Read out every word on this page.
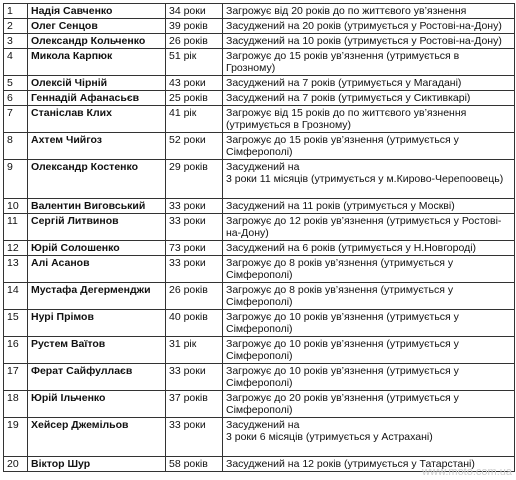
1	Надія Савченко	34 роки	Загрожує від 20 років до по життєвого ув’язнення
2	Олег Сенцов	39 років	Засуджений на 20 років (утримується у Ростові-на-Дону)
3	Олександр Кольченко	26 років	Засуджений на 10 років (утримується у Ростові-на-Дону)
4	Микола Карпюк	51 рік	Загрожує до 15 років ув’язнення (утримується в Грозному)
5	Олексій Чірній	43 роки	Засуджений на 7 років (утримується у Магадані)
6	Геннадій Афанасьєв	25 років	Засуджений на 7 років (утримується у Сиктивкарі)
7	Станіслав Клих	41 рік	Загрожує від 15 років до по життєвого ув’язнення (утримується в Грозному)
8	Ахтем Чийгоз	52 роки	Загрожує до 15 років ув’язнення (утримується у Сімферополі)
9	Олександр Костенко	29 років	Засуджений на
3 роки 11 місяців (утримується у м.Кирово-Черепоовець)

10	Валентин Виговський	33 роки	Засуджений на 11 років (утримується у Москві)
11	Сергій Литвинов	33 роки	Загрожує до 12 років ув’язнення (утримується у Ростові-на-Дону)
12	Юрій Солошенко	73 роки	Засуджений на 6 років (утримується у Н.Новгороді)
13	Алі Асанов	33 роки	Загрожує до 8 років ув’язнення (утримується у Сімферополі)
14	Мустафа Дегерменджи	26 років	Загрожує до 8 років ув’язнення (утримується у Сімферополі)
15	Нурі Прімов	40 років	Загрожує до 10 років ув’язнення (утримується у Сімферополі)
16	Рустем Ваїтов	31 рік	Загрожує до 10 років ув’язнення (утримується у Сімферополі)
17	Ферат Сайфуллаєв	33 роки	Загрожує до 10 років ув’язнення (утримується у Сімферополі)
18	Юрій Ільченко	37 років	Загрожує до 20 років ув’язнення (утримується у Сімферополі)
19	Хейсер Джемільов	33 роки	Засуджений на
3 роки 6 місяців (утримується у Астрахані)

20	Віктор Шур	58 років	Засуджений на 12 років (утримується у Татарстані)
www.moto.com.ua
